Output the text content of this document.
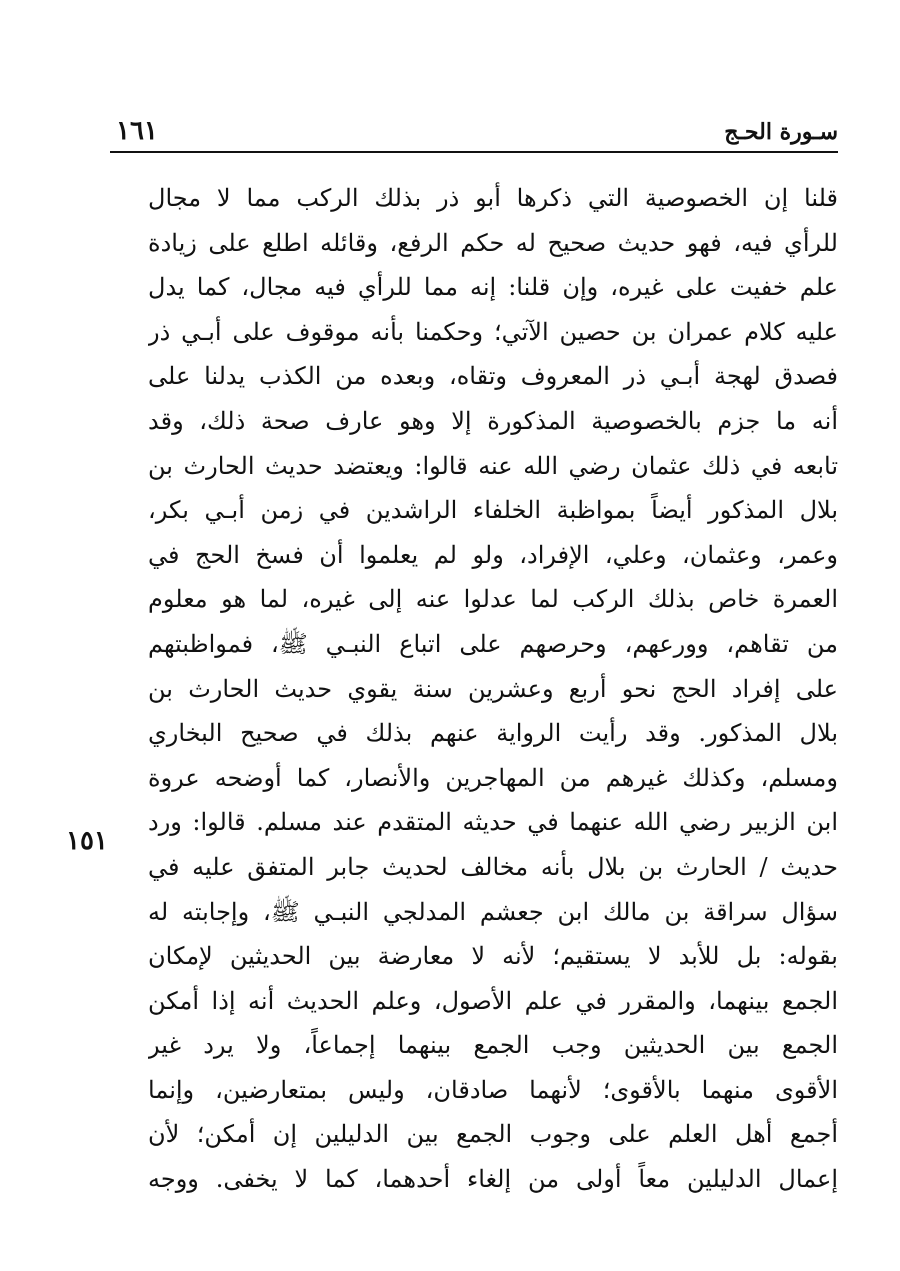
سـورة الحـج
١٦١
١٥١
قلنا إن الخصوصية التي ذكرها أبو ذر بذلك الركب مما لا مجال
للرأي فيه، فهو حديث صحيح له حكم الرفع، وقائله اطلع على زيادة
علم خفيت على غيره، وإن قلنا: إنه مما للرأي فيه مجال، كما يدل
عليه كلام عمران بن حصين الآتي؛ وحكمنا بأنه موقوف على أبـي ذر
فصدق لهجة أبـي ذر المعروف وتقاه، وبعده من الكذب يدلنا على
أنه ما جزم بالخصوصية المذكورة إلا وهو عارف صحة ذلك، وقد
تابعه في ذلك عثمان رضي الله عنه قالوا: ويعتضد حديث الحارث بن
بلال المذكور أيضاً بمواظبة الخلفاء الراشدين في زمن أبـي بكر،
وعمر، وعثمان، وعلي، الإفراد، ولو لم يعلموا أن فسخ الحج في
العمرة خاص بذلك الركب لما عدلوا عنه إلى غيره، لما هو معلوم
من تقاهم، وورعهم، وحرصهم على اتباع النبـي ﷺ، فمواظبتهم
على إفراد الحج نحو أربع وعشرين سنة يقوي حديث الحارث بن
بلال المذكور. وقد رأيت الرواية عنهم بذلك في صحيح البخاري
ومسلم، وكذلك غيرهم من المهاجرين والأنصار، كما أوضحه عروة
ابن الزبير رضي الله عنهما في حديثه المتقدم عند مسلم. قالوا: ورد
حديث / الحارث بن بلال بأنه مخالف لحديث جابر المتفق عليه في
سؤال سراقة بن مالك ابن جعشم المدلجي النبـي ﷺ، وإجابته له
بقوله: بل للأبد لا يستقيم؛ لأنه لا معارضة بين الحديثين لإمكان
الجمع بينهما، والمقرر في علم الأصول، وعلم الحديث أنه إذا أمكن
الجمع بين الحديثين وجب الجمع بينهما إجماعاً، ولا يرد غير
الأقوى منهما بالأقوى؛ لأنهما صادقان، وليس بمتعارضين، وإنما
أجمع أهل العلم على وجوب الجمع بين الدليلين إن أمكن؛ لأن
إعمال الدليلين معاً أولى من إلغاء أحدهما، كما لا يخفى. ووجه
